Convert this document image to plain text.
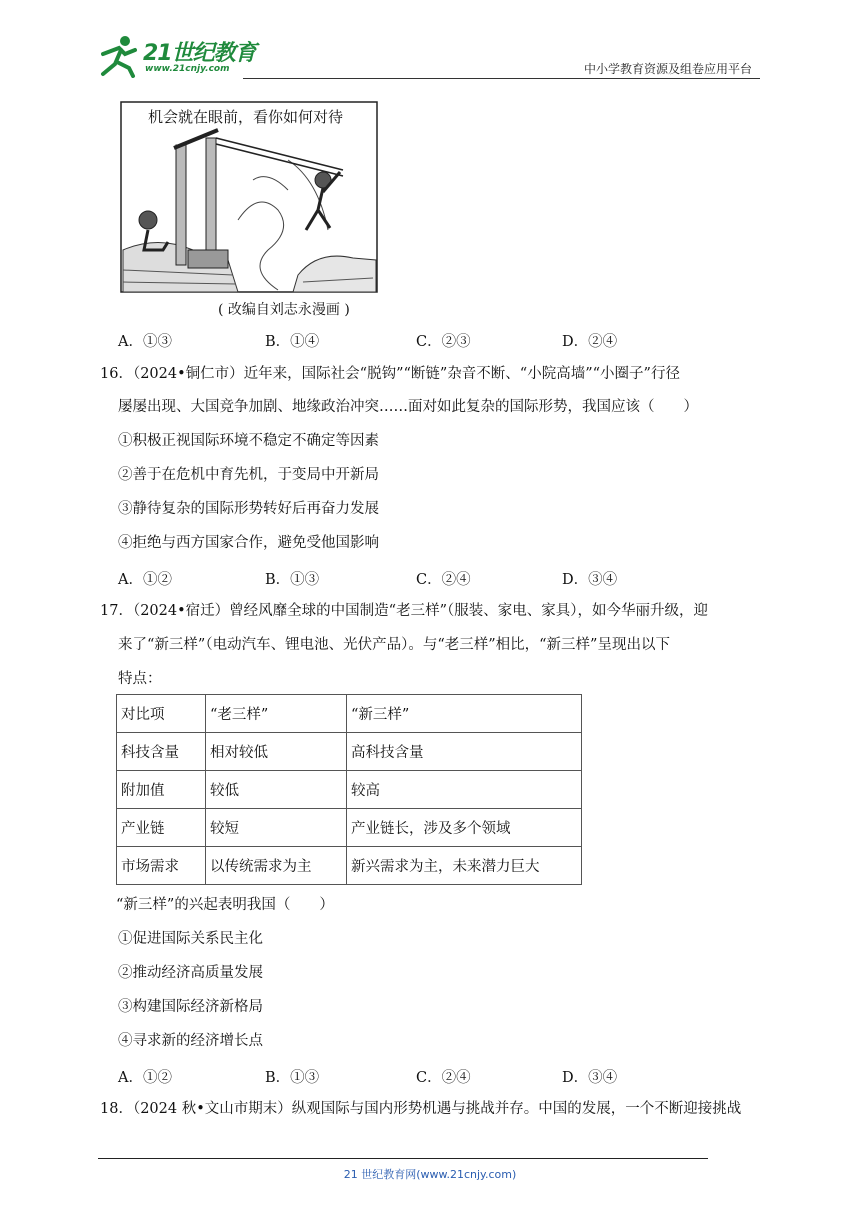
21世纪教育
www.21cnjy.com	中小学教育资源及组卷应用平台
机会就在眼前，看你如何对待
( 改编自刘志永漫画 )
A．①③	B．①④	C．②③	D．②④
16．（2024•铜仁市）近年来，国际社会“脱钩”“断链”杂音不断、“小院高墙”“小圈子”行径
屡屡出现、大国竞争加剧、地缘政治冲突……面对如此复杂的国际形势，我国应该（　　）
①积极正视国际环境不稳定不确定等因素
②善于在危机中育先机，于变局中开新局
③静待复杂的国际形势转好后再奋力发展
④拒绝与西方国家合作，避免受他国影响
A．①②	B．①③	C．②④	D．③④
17．（2024•宿迁）曾经风靡全球的中国制造“老三样”（服装、家电、家具），如今华丽升级，迎
来了“新三样”（电动汽车、锂电池、光伏产品）。与“老三样”相比，“新三样”呈现出以下
特点：
对比项	“老三样”	“新三样”
科技含量	相对较低	高科技含量
附加值	较低	较高
产业链	较短	产业链长，涉及多个领域
市场需求	以传统需求为主	新兴需求为主，未来潜力巨大
“新三样”的兴起表明我国（　　）
①促进国际关系民主化
②推动经济高质量发展
③构建国际经济新格局
④寻求新的经济增长点
A．①②	B．①③	C．②④	D．③④
18．（2024 秋•文山市期末）纵观国际与国内形势机遇与挑战并存。中国的发展，一个不断迎接挑战
21 世纪教育网(www.21cnjy.com)
